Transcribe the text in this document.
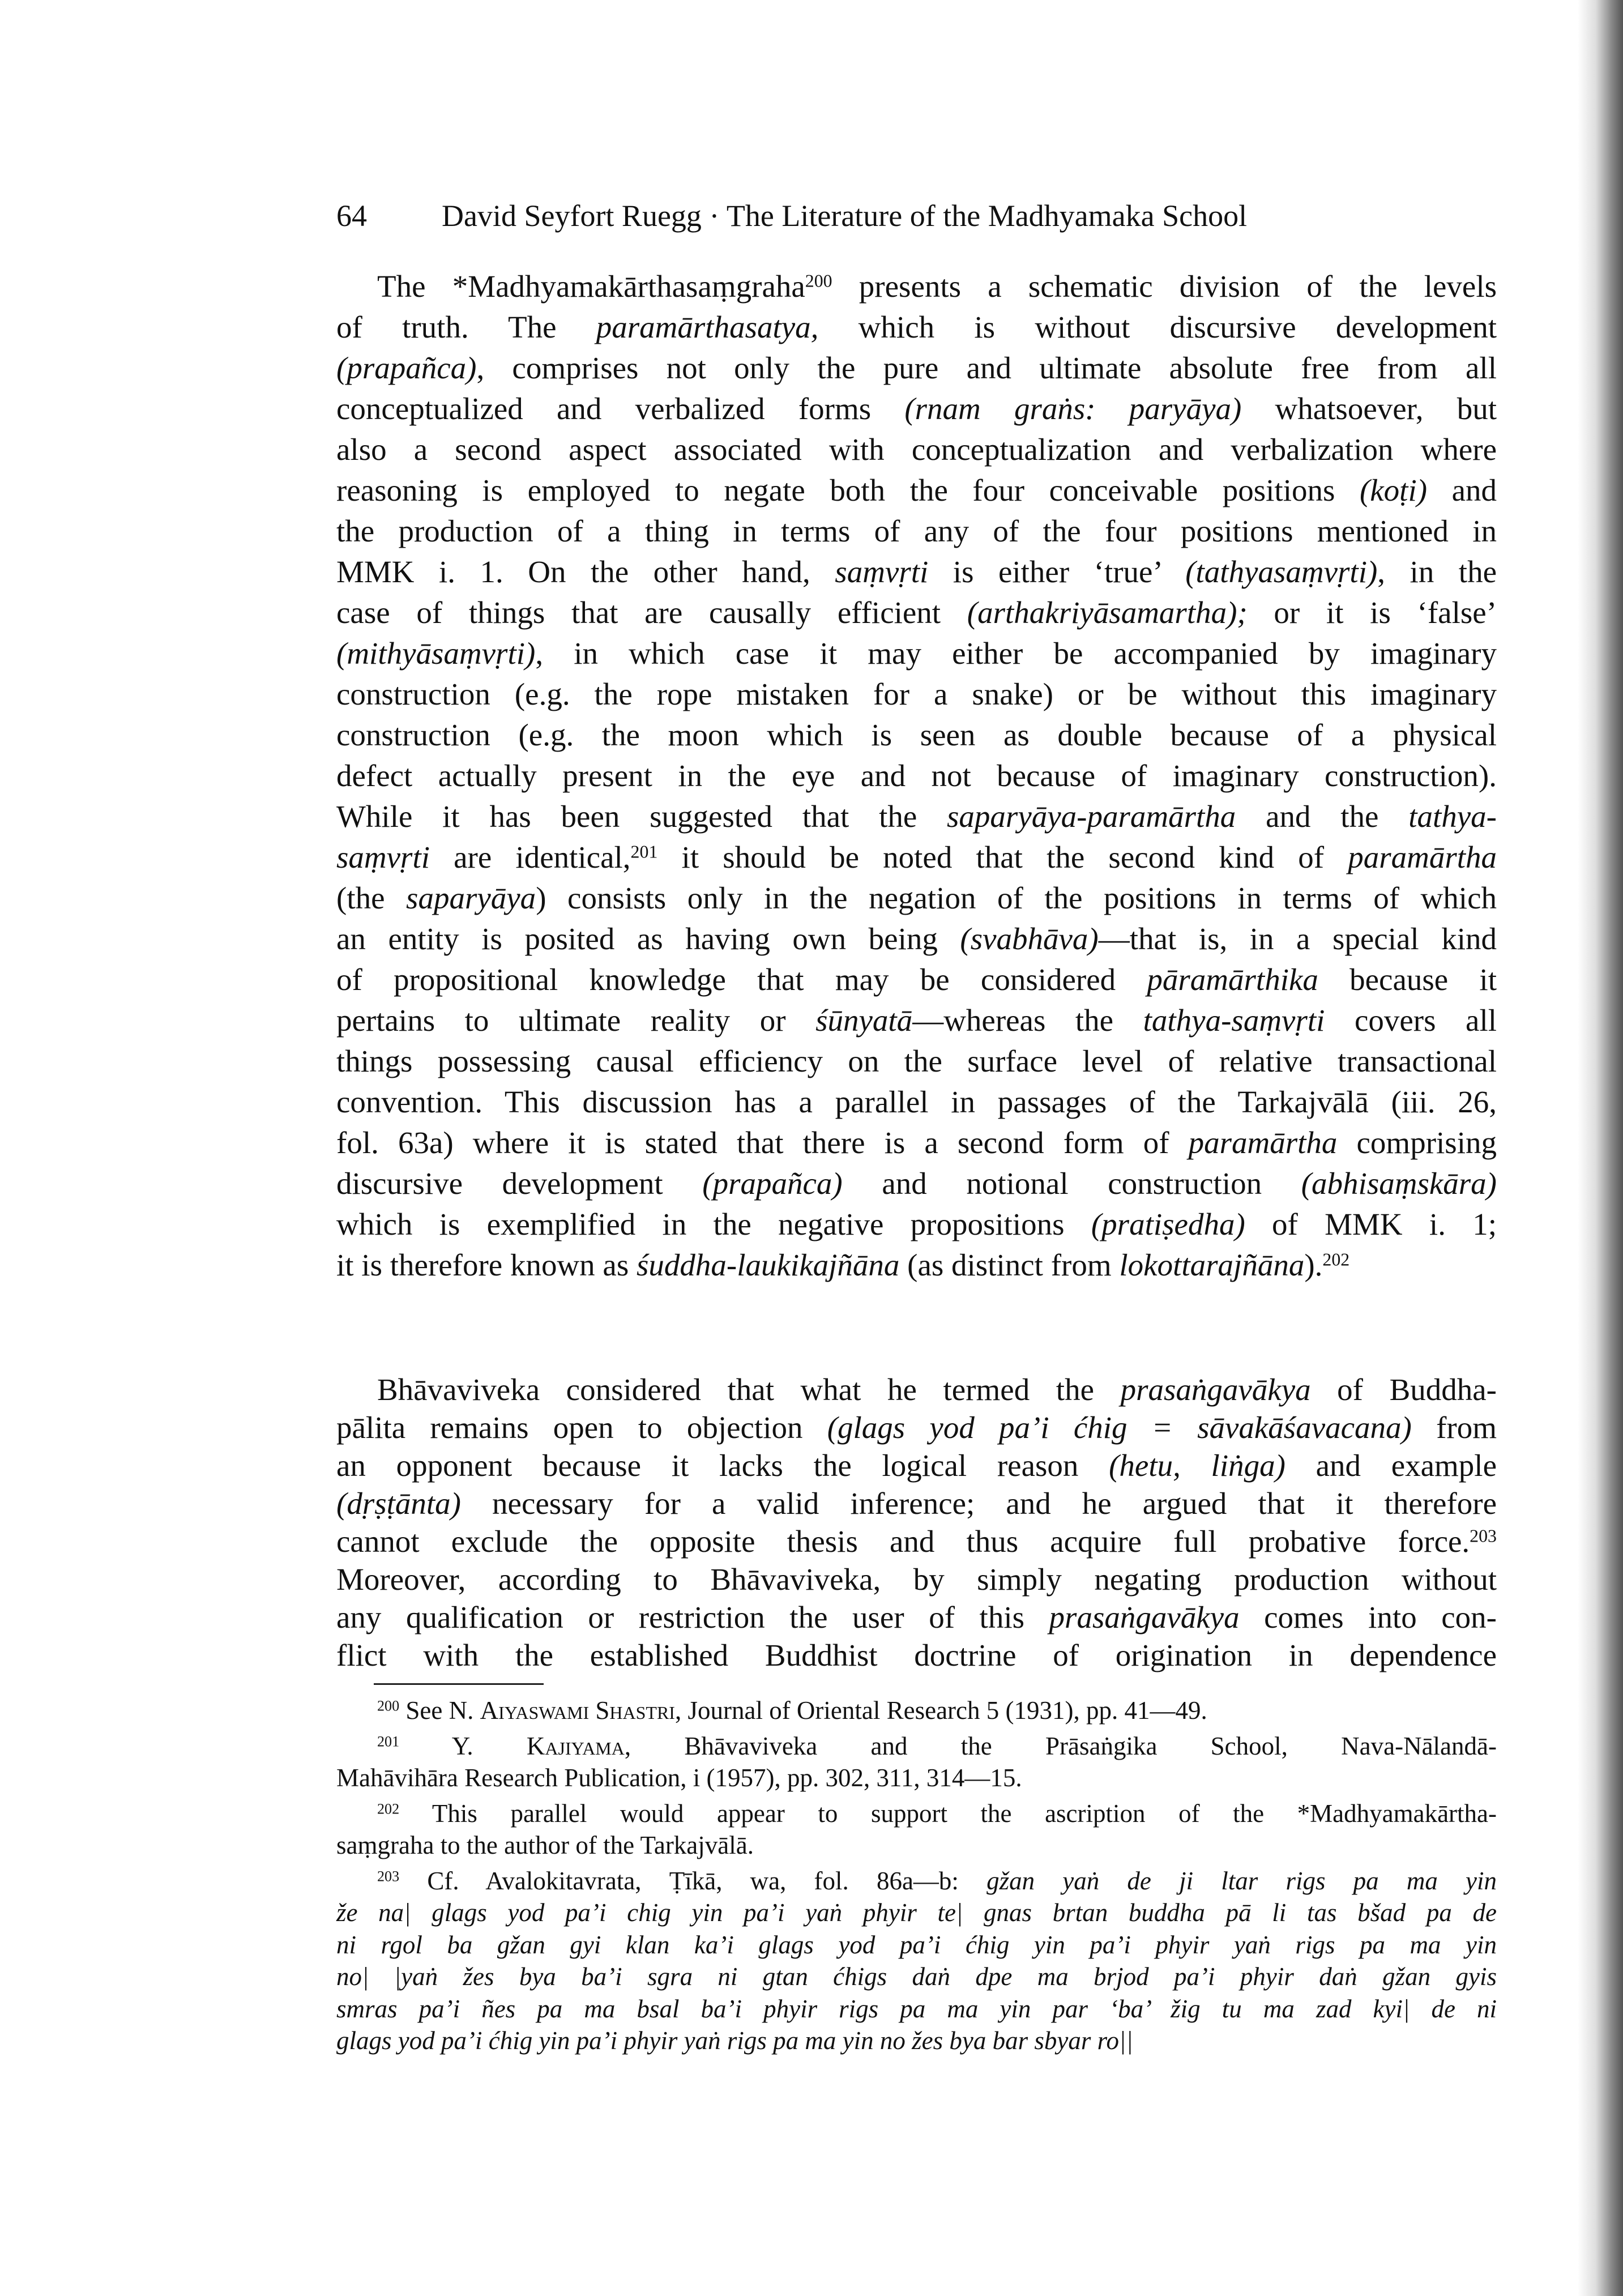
64 David Seyfort Ruegg · The Literature of the Madhyamaka School
The *Madhyamakārthasaṃgraha$^{200}$ presents a schematic division of the levels
of truth. The paramārthasatya, which is without discursive development
(prapañca), comprises not only the pure and ultimate absolute free from all
conceptualized and verbalized forms (rnam graṅs: paryāya) whatsoever, but
also a second aspect associated with conceptualization and verbalization where
reasoning is employed to negate both the four conceivable positions (koṭi) and
the production of a thing in terms of any of the four positions mentioned in
MMK i. 1. On the other hand, saṃvṛti is either ‘true’ (tathyasaṃvṛti), in the
case of things that are causally efficient (arthakriyāsamartha); or it is ‘false’
(mithyāsaṃvṛti), in which case it may either be accompanied by imaginary
construction (e.g. the rope mistaken for a snake) or be without this imaginary
construction (e.g. the moon which is seen as double because of a physical
defect actually present in the eye and not because of imaginary construction).
While it has been suggested that the saparyāya-paramārtha and the tathya-
saṃvṛti are identical,$^{201}$ it should be noted that the second kind of paramārtha
(the saparyāya) consists only in the negation of the positions in terms of which
an entity is posited as having own being (svabhāva)—that is, in a special kind
of propositional knowledge that may be considered pāramārthika because it
pertains to ultimate reality or śūnyatā—whereas the tathya-saṃvṛti covers all
things possessing causal efficiency on the surface level of relative transactional
convention. This discussion has a parallel in passages of the Tarkajvālā (iii. 26,
fol. 63a) where it is stated that there is a second form of paramārtha comprising
discursive development (prapañca) and notional construction (abhisaṃskāra)
which is exemplified in the negative propositions (pratiṣedha) of MMK i. 1;
it is therefore known as śuddha-laukikajñāna (as distinct from lokottarajñāna).$^{202}$
Bhāvaviveka considered that what he termed the prasaṅgavākya of Buddha-
pālita remains open to objection (glags yod pa’i ćhig = sāvakāśavacana) from
an opponent because it lacks the logical reason (hetu, liṅga) and example
(dṛṣṭānta) necessary for a valid inference; and he argued that it therefore
cannot exclude the opposite thesis and thus acquire full probative force.$^{203}$
Moreover, according to Bhāvaviveka, by simply negating production without
any qualification or restriction the user of this prasaṅgavākya comes into con-
flict with the established Buddhist doctrine of origination in dependence
$^{200}$ See N. Aiyaswami Shastri, Journal of Oriental Research 5 (1931), pp. 41—49.
$^{201}$ Y. Kajiyama, Bhāvaviveka and the Prāsaṅgika School, Nava-Nālandā-
Mahāvihāra Research Publication, i (1957), pp. 302, 311, 314—15.
$^{202}$ This parallel would appear to support the ascription of the *Madhyamakārtha-
saṃgraha to the author of the Tarkajvālā.
$^{203}$ Cf. Avalokitavrata, Ṭīkā, wa, fol. 86a—b: gžan yaṅ de ji ltar rigs pa ma yin
že na| glags yod pa’i chig yin pa’i yaṅ phyir te| gnas brtan buddha pā li tas bšad pa de
ni rgol ba gžan gyi klan ka’i glags yod pa’i ćhig yin pa’i phyir yaṅ rigs pa ma yin
no| |yaṅ žes bya ba’i sgra ni gtan ćhigs daṅ dpe ma brjod pa’i phyir daṅ gžan gyis
smras pa’i ñes pa ma bsal ba’i phyir rigs pa ma yin par ‘ba’ žig tu ma zad kyi| de ni
glags yod pa’i ćhig yin pa’i phyir yaṅ rigs pa ma yin no žes bya bar sbyar ro||
